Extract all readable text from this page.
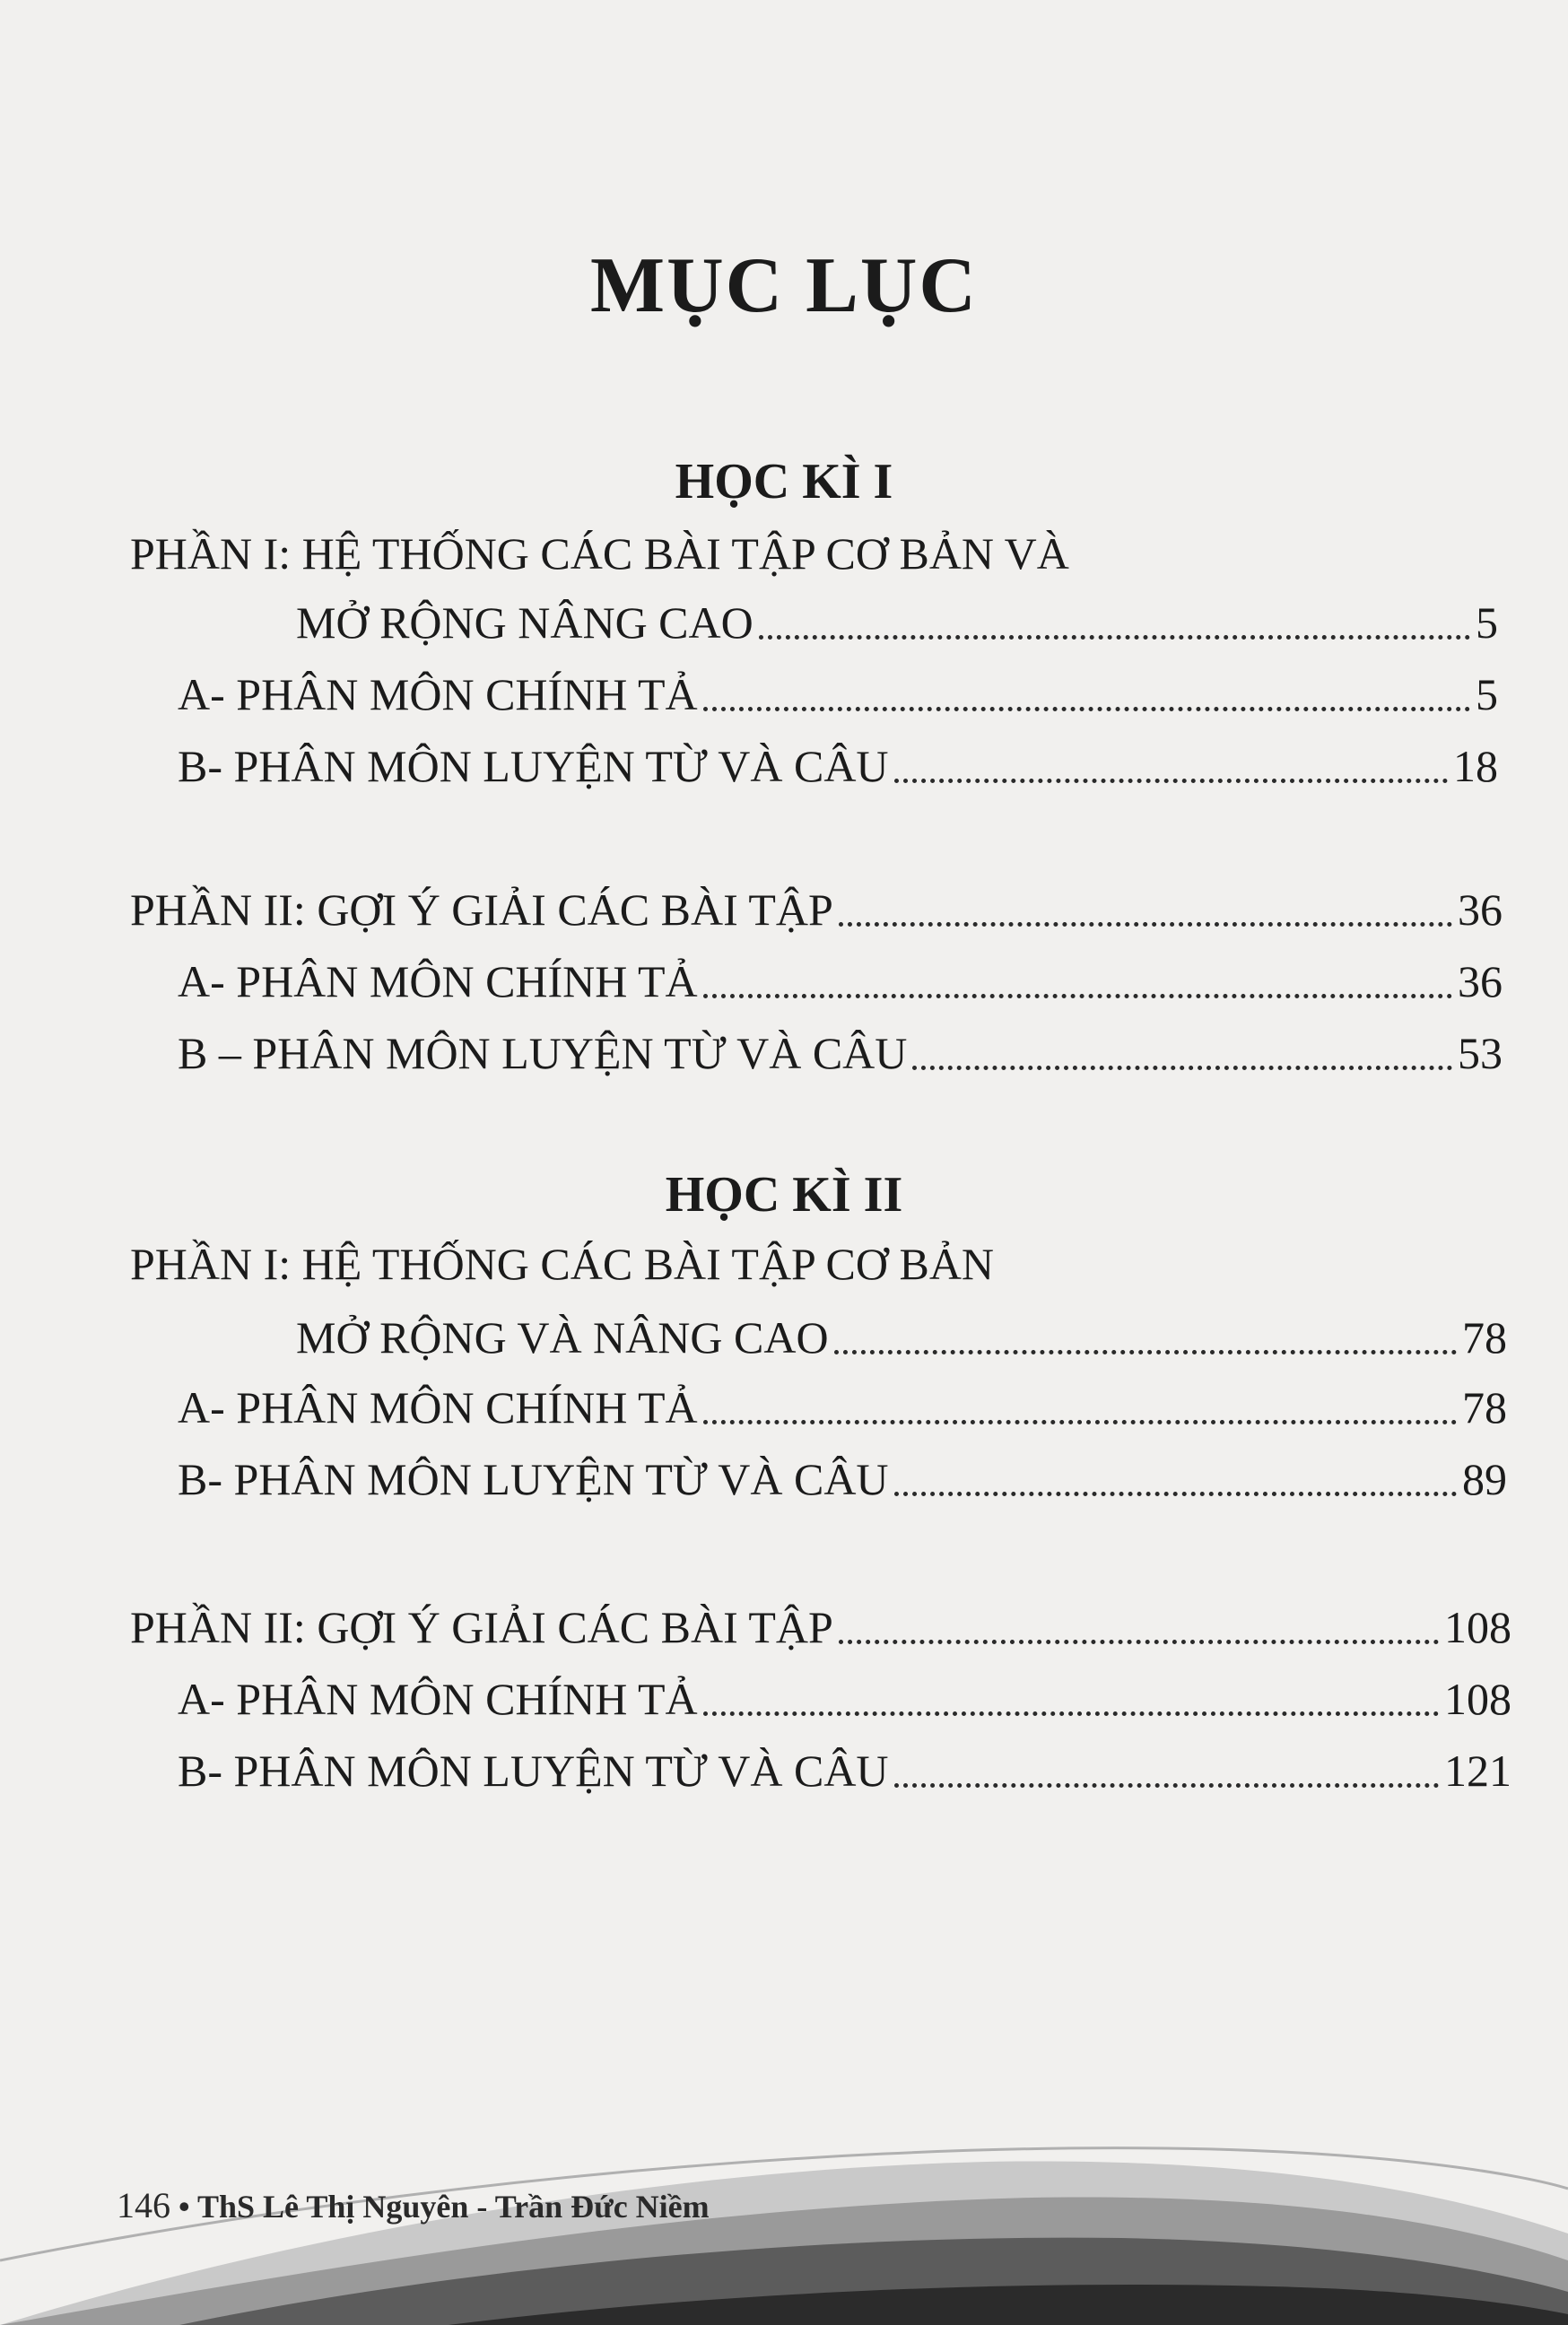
MỤC LỤC
HỌC KÌ I
PHẦN I: HỆ THỐNG CÁC BÀI TẬP CƠ BẢN VÀ
MỞ RỘNG NÂNG CAO	5
A- PHÂN MÔN CHÍNH TẢ	5
B- PHÂN MÔN LUYỆN TỪ VÀ CÂU	18
PHẦN II: GỢI Ý GIẢI CÁC BÀI TẬP	36
A- PHÂN MÔN CHÍNH TẢ	36
B – PHÂN MÔN LUYỆN TỪ VÀ CÂU	53
HỌC KÌ II
PHẦN I: HỆ THỐNG CÁC BÀI TẬP CƠ BẢN
MỞ RỘNG VÀ NÂNG CAO	78
A- PHÂN MÔN CHÍNH TẢ	78
B- PHÂN MÔN LUYỆN TỪ VÀ CÂU	89
PHẦN II: GỢI Ý GIẢI CÁC BÀI TẬP	108
A- PHÂN MÔN CHÍNH TẢ	108
B- PHÂN MÔN LUYỆN TỪ VÀ CÂU	121
146 • ThS Lê Thị Nguyên - Trần Đức Niềm
